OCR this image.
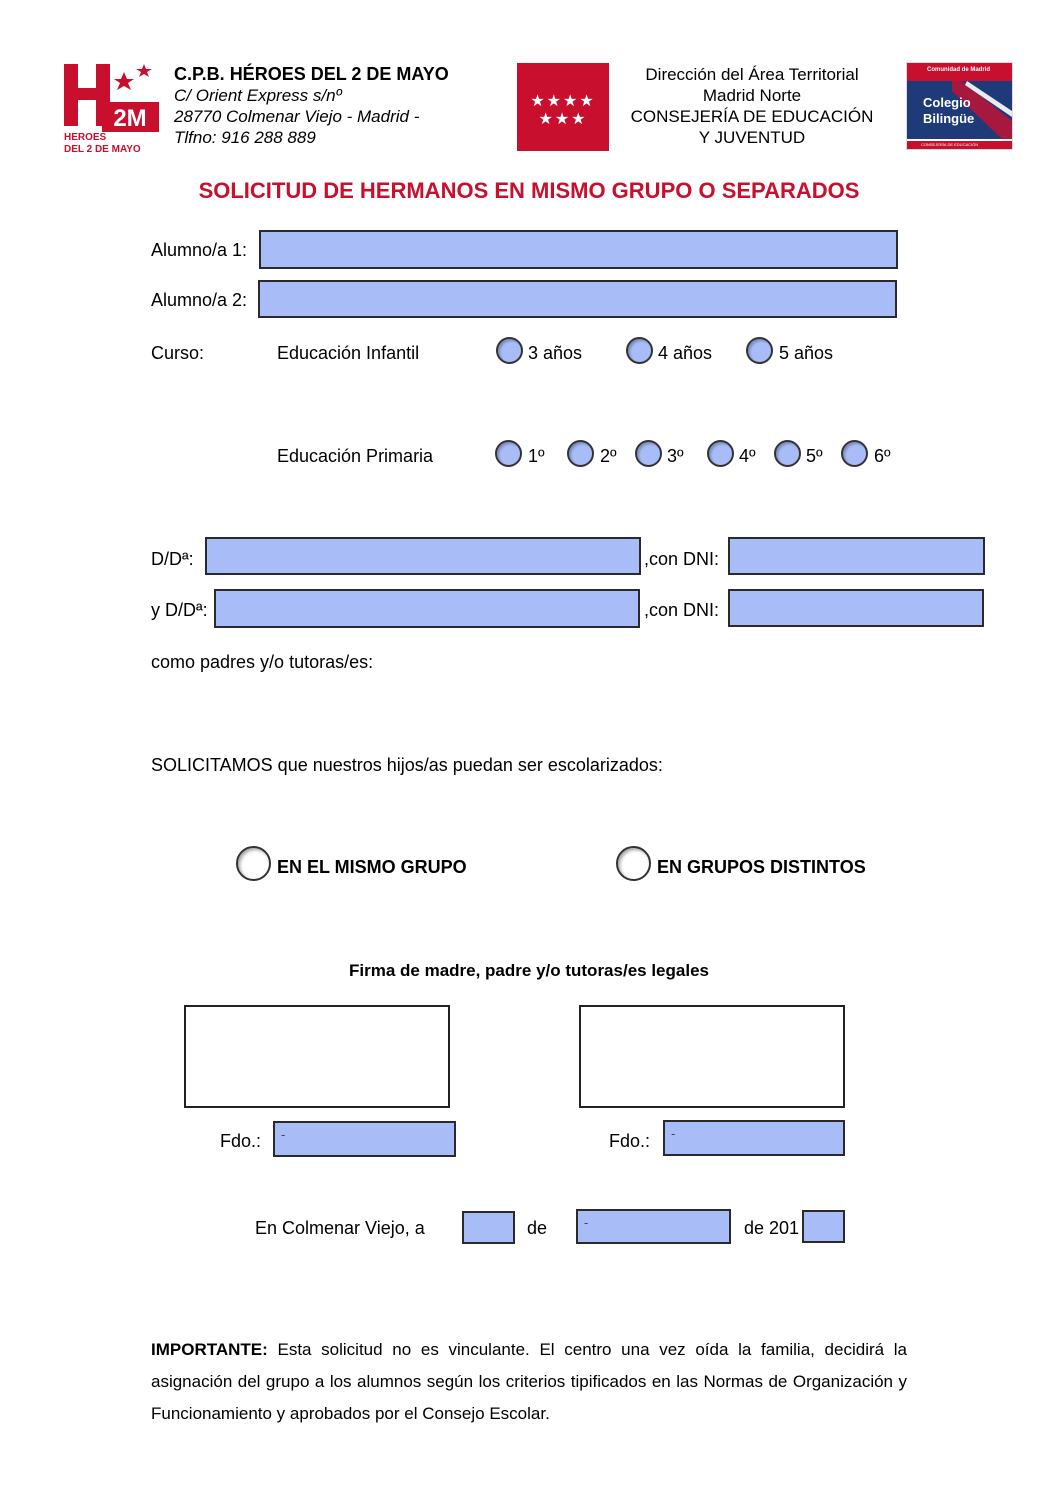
2M
HEROES
DEL 2 DE MAYO
C.P.B. HÉROES DEL 2 DE MAYO
C/ Orient Express s/nº
28770 Colmenar Viejo - Madrid -
Tlfno: 916 288 889
★★★★
★★★
Dirección del Área Territorial
Madrid Norte
CONSEJERÍA DE EDUCACIÓN
Y JUVENTUD
Comunidad de Madrid
Colegio
Bilingüe
CONSEJERÍA DE EDUCACIÓN
SOLICITUD DE HERMANOS EN MISMO GRUPO O SEPARADOS
Alumno/a 1:
Alumno/a 2:
Curso:	Educación Infantil	3 años	4 años	5 años
Educación Primaria	1º	2º	3º	4º	5º	6º
D/Dª:	,con DNI:
y D/Dª:	,con DNI:
como padres y/o tutoras/es:
SOLICITAMOS que nuestros hijos/as puedan ser escolarizados:
EN EL MISMO GRUPO	EN GRUPOS DISTINTOS
Firma de madre, padre y/o tutoras/es legales
Fdo.:	-	Fdo.:	-
En Colmenar Viejo, a	de	-	de 201
IMPORTANTE: Esta solicitud no es vinculante. El centro una vez oída la familia, decidirá la asignación del grupo a los alumnos según los criterios tipificados en las Normas de Organización y Funcionamiento y aprobados por el Consejo Escolar.
